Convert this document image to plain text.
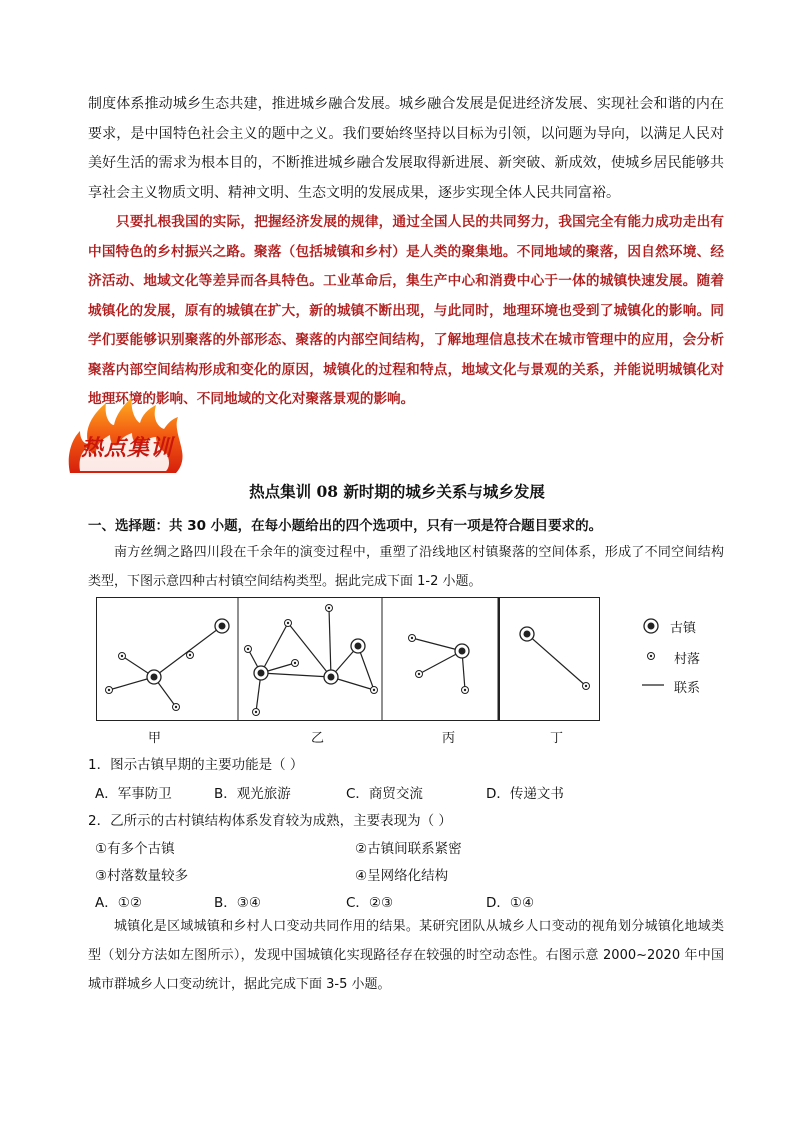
制度体系推动城乡生态共建，推进城乡融合发展。城乡融合发展是促进经济发展、实现社会和谐的内在要求，是中国特色社会主义的题中之义。我们要始终坚持以目标为引领，以问题为导向，以满足人民对美好生活的需求为根本目的，不断推进城乡融合发展取得新进展、新突破、新成效，使城乡居民能够共享社会主义物质文明、精神文明、生态文明的发展成果，逐步实现全体人民共同富裕。
只要扎根我国的实际，把握经济发展的规律，通过全国人民的共同努力，我国完全有能力成功走出有中国特色的乡村振兴之路。聚落（包括城镇和乡村）是人类的聚集地。不同地域的聚落，因自然环境、经济活动、地域文化等差异而各具特色。工业革命后，集生产中心和消费中心于一体的城镇快速发展。随着城镇化的发展，原有的城镇在扩大，新的城镇不断出现，与此同时，地理环境也受到了城镇化的影响。同学们要能够识别聚落的外部形态、聚落的内部空间结构，了解地理信息技术在城市管理中的应用，会分析聚落内部空间结构形成和变化的原因，城镇化的过程和特点，地域文化与景观的关系，并能说明城镇化对地理环境的影响、不同地域的文化对聚落景观的影响。
热点集训
热点集训 08 新时期的城乡关系与城乡发展
一、选择题：共 30 小题，在每小题给出的四个选项中，只有一项是符合题目要求的。
南方丝绸之路四川段在千余年的演变过程中，重塑了沿线地区村镇聚落的空间体系，形成了不同空间结构类型，下图示意四种古村镇空间结构类型。据此完成下面 1-2 小题。
古镇
村落
联系
甲	乙	丙	丁
1．图示古镇早期的主要功能是（ ）
A．军事防卫	B．观光旅游	C．商贸交流	D．传递文书
2．乙所示的古村镇结构体系发育较为成熟，主要表现为（ ）
①有多个古镇	②古镇间联系紧密
③村落数量较多	④呈网络化结构
A．①②	B．③④	C．②③	D．①④
城镇化是区域城镇和乡村人口变动共同作用的结果。某研究团队从城乡人口变动的视角划分城镇化地域类型（划分方法如左图所示），发现中国城镇化实现路径存在较强的时空动态性。右图示意 2000~2020 年中国城市群城乡人口变动统计，据此完成下面 3-5 小题。
